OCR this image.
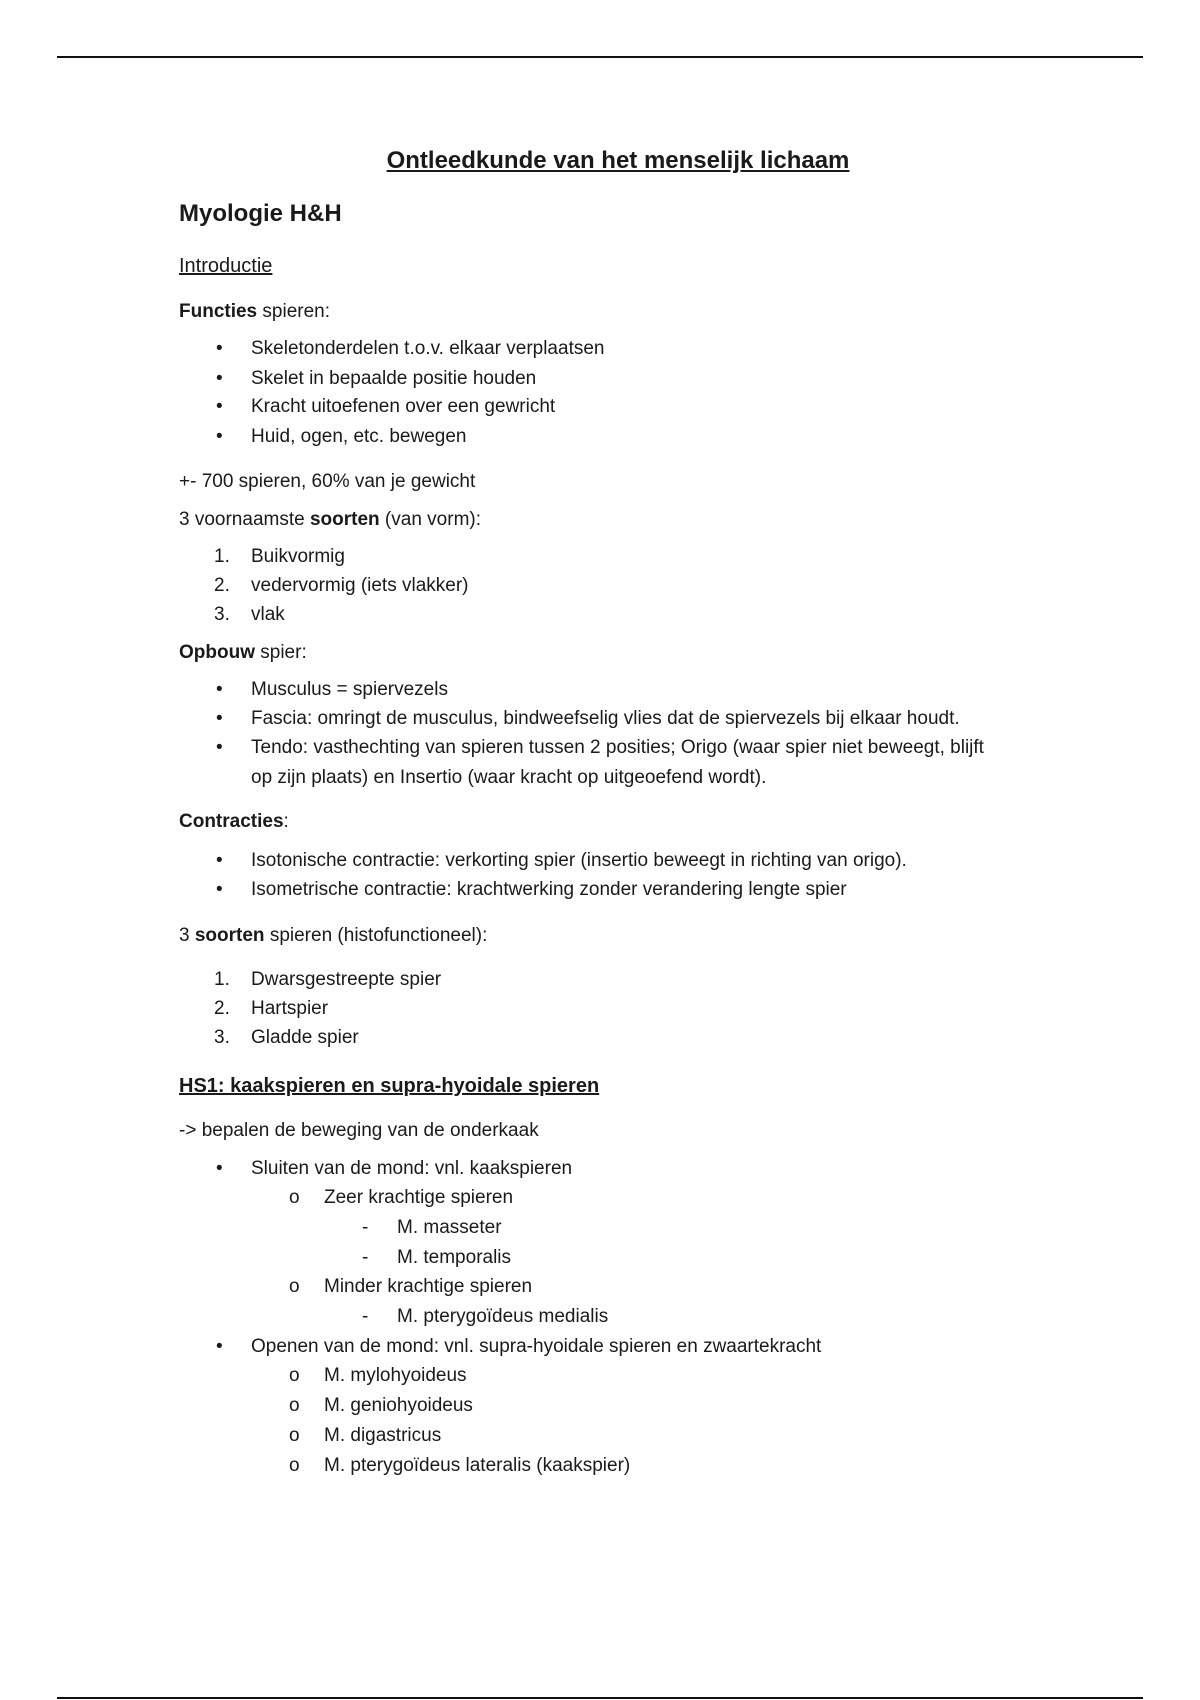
Ontleedkunde van het menselijk lichaam
Myologie H&H
Introductie
Functies spieren:
• Skeletonderdelen t.o.v. elkaar verplaatsen
• Skelet in bepaalde positie houden
• Kracht uitoefenen over een gewricht
• Huid, ogen, etc. bewegen
+- 700 spieren, 60% van je gewicht
3 voornaamste soorten (van vorm):
1. Buikvormig
2. vedervormig (iets vlakker)
3. vlak
Opbouw spier:
• Musculus = spiervezels
• Fascia: omringt de musculus, bindweefselig vlies dat de spiervezels bij elkaar houdt.
• Tendo: vasthechting van spieren tussen 2 posities; Origo (waar spier niet beweegt, blijft
op zijn plaats) en Insertio (waar kracht op uitgeoefend wordt).
Contracties:
• Isotonische contractie: verkorting spier (insertio beweegt in richting van origo).
• Isometrische contractie: krachtwerking zonder verandering lengte spier
3 soorten spieren (histofunctioneel):
1. Dwarsgestreepte spier
2. Hartspier
3. Gladde spier
HS1: kaakspieren en supra-hyoidale spieren
-> bepalen de beweging van de onderkaak
• Sluiten van de mond: vnl. kaakspieren
o Zeer krachtige spieren
- M. masseter
- M. temporalis
o Minder krachtige spieren
- M. pterygoïdeus medialis
• Openen van de mond: vnl. supra-hyoidale spieren en zwaartekracht
o M. mylohyoideus
o M. geniohyoideus
o M. digastricus
o M. pterygoïdeus lateralis (kaakspier)
